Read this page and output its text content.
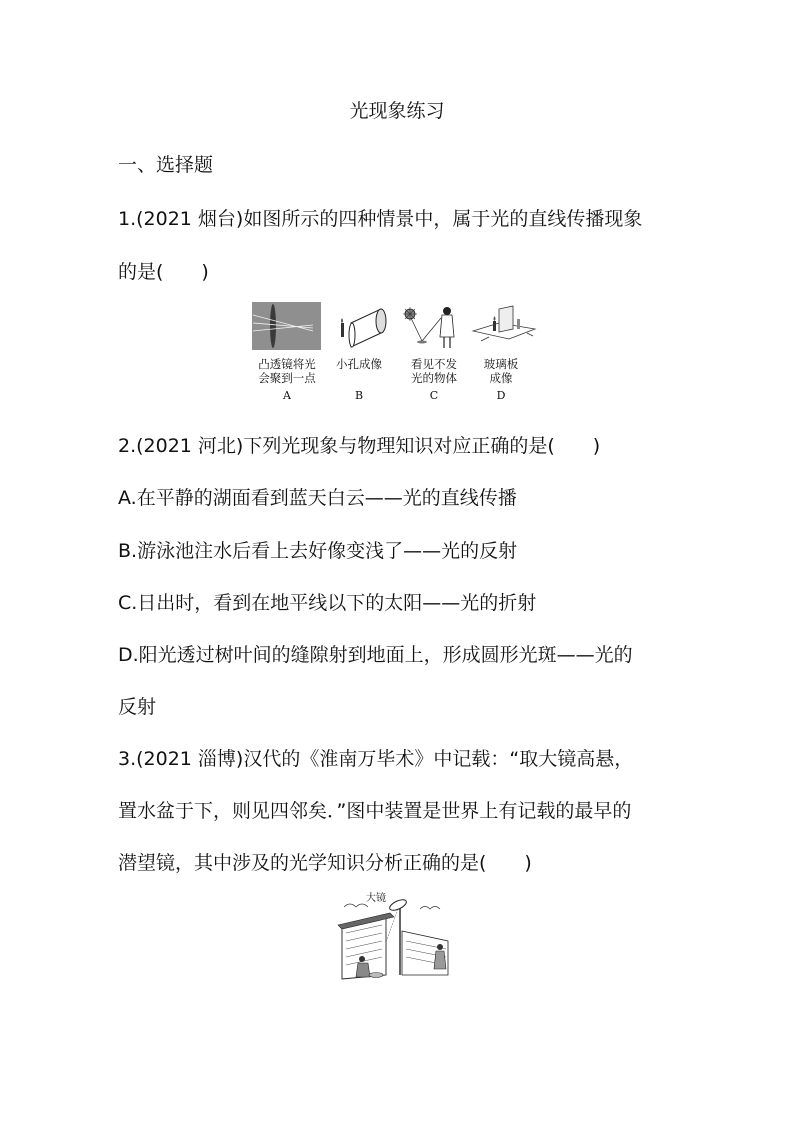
光现象练习
一、选择题
1.(2021 烟台)如图所示的四种情景中，属于光的直线传播现象
的是(　　)
凸透镜将光
会聚到一点
小孔成像	看见不发
光的物体
玻璃板
成像
A	B	C	D
2.(2021 河北)下列光现象与物理知识对应正确的是(　　)
A.在平静的湖面看到蓝天白云——光的直线传播
B.游泳池注水后看上去好像变浅了——光的反射
C.日出时，看到在地平线以下的太阳——光的折射
D.阳光透过树叶间的缝隙射到地面上，形成圆形光斑——光的
反射
3.(2021 淄博)汉代的《淮南万毕术》中记载：“取大镜高悬，
置水盆于下，则见四邻矣．”图中装置是世界上有记载的最早的
潜望镜，其中涉及的光学知识分析正确的是(　　)
大镜
